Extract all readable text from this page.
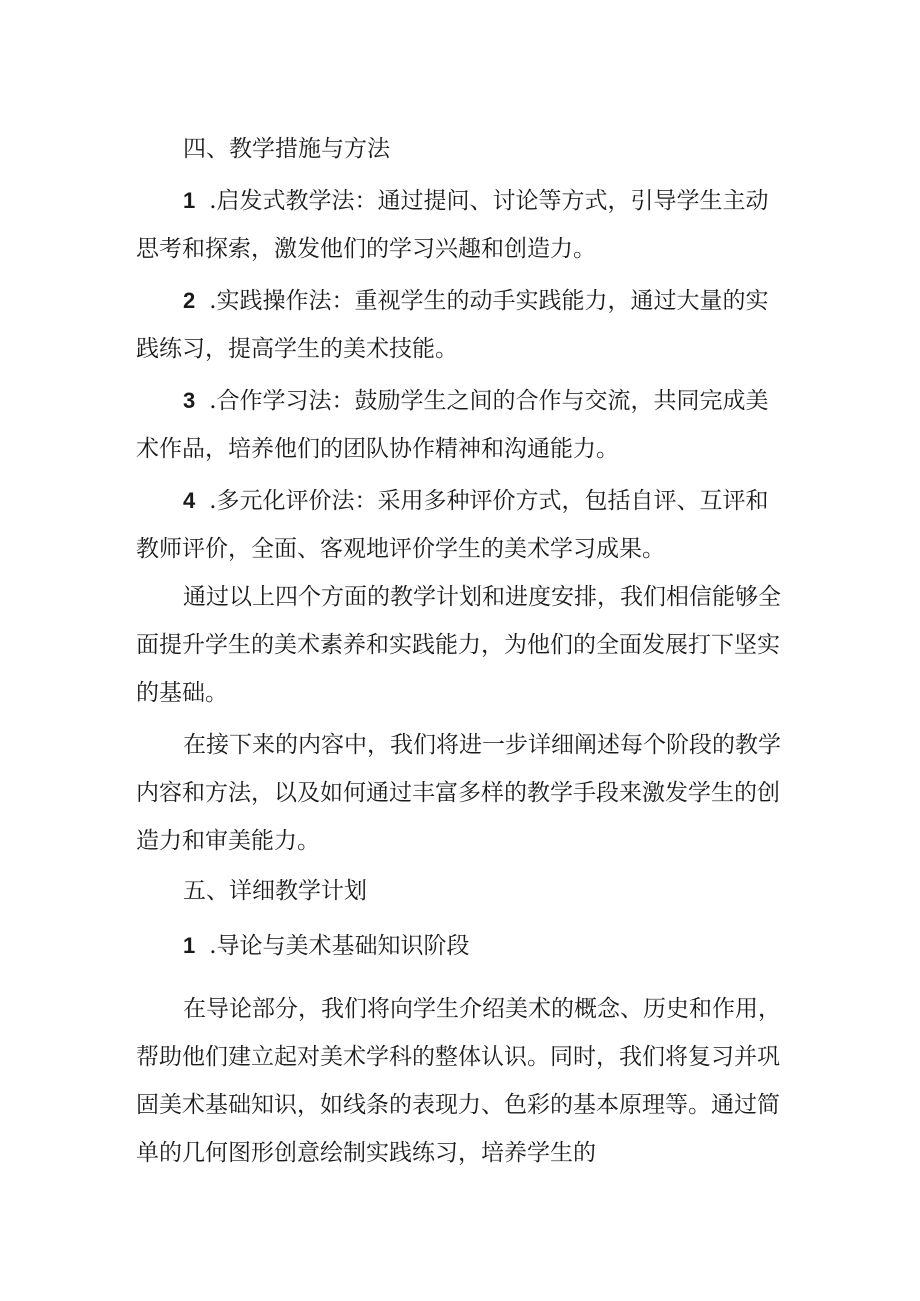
四、教学措施与方法
1.启发式教学法：通过提问、讨论等方式，引导学生主动
思考和探索，激发他们的学习兴趣和创造力。
2.实践操作法：重视学生的动手实践能力，通过大量的实
践练习，提高学生的美术技能。
3.合作学习法：鼓励学生之间的合作与交流，共同完成美
术作品，培养他们的团队协作精神和沟通能力。
4.多元化评价法：采用多种评价方式，包括自评、互评和
教师评价，全面、客观地评价学生的美术学习成果。
通过以上四个方面的教学计划和进度安排，我们相信能够全
面提升学生的美术素养和实践能力，为他们的全面发展打下坚实
的基础。
在接下来的内容中，我们将进一步详细阐述每个阶段的教学
内容和方法，以及如何通过丰富多样的教学手段来激发学生的创
造力和审美能力。
五、详细教学计划
1.导论与美术基础知识阶段
在导论部分，我们将向学生介绍美术的概念、历史和作用，
帮助他们建立起对美术学科的整体认识。同时，我们将复习并巩
固美术基础知识，如线条的表现力、色彩的基本原理等。通过简
单的几何图形创意绘制实践练习，培养学生的
